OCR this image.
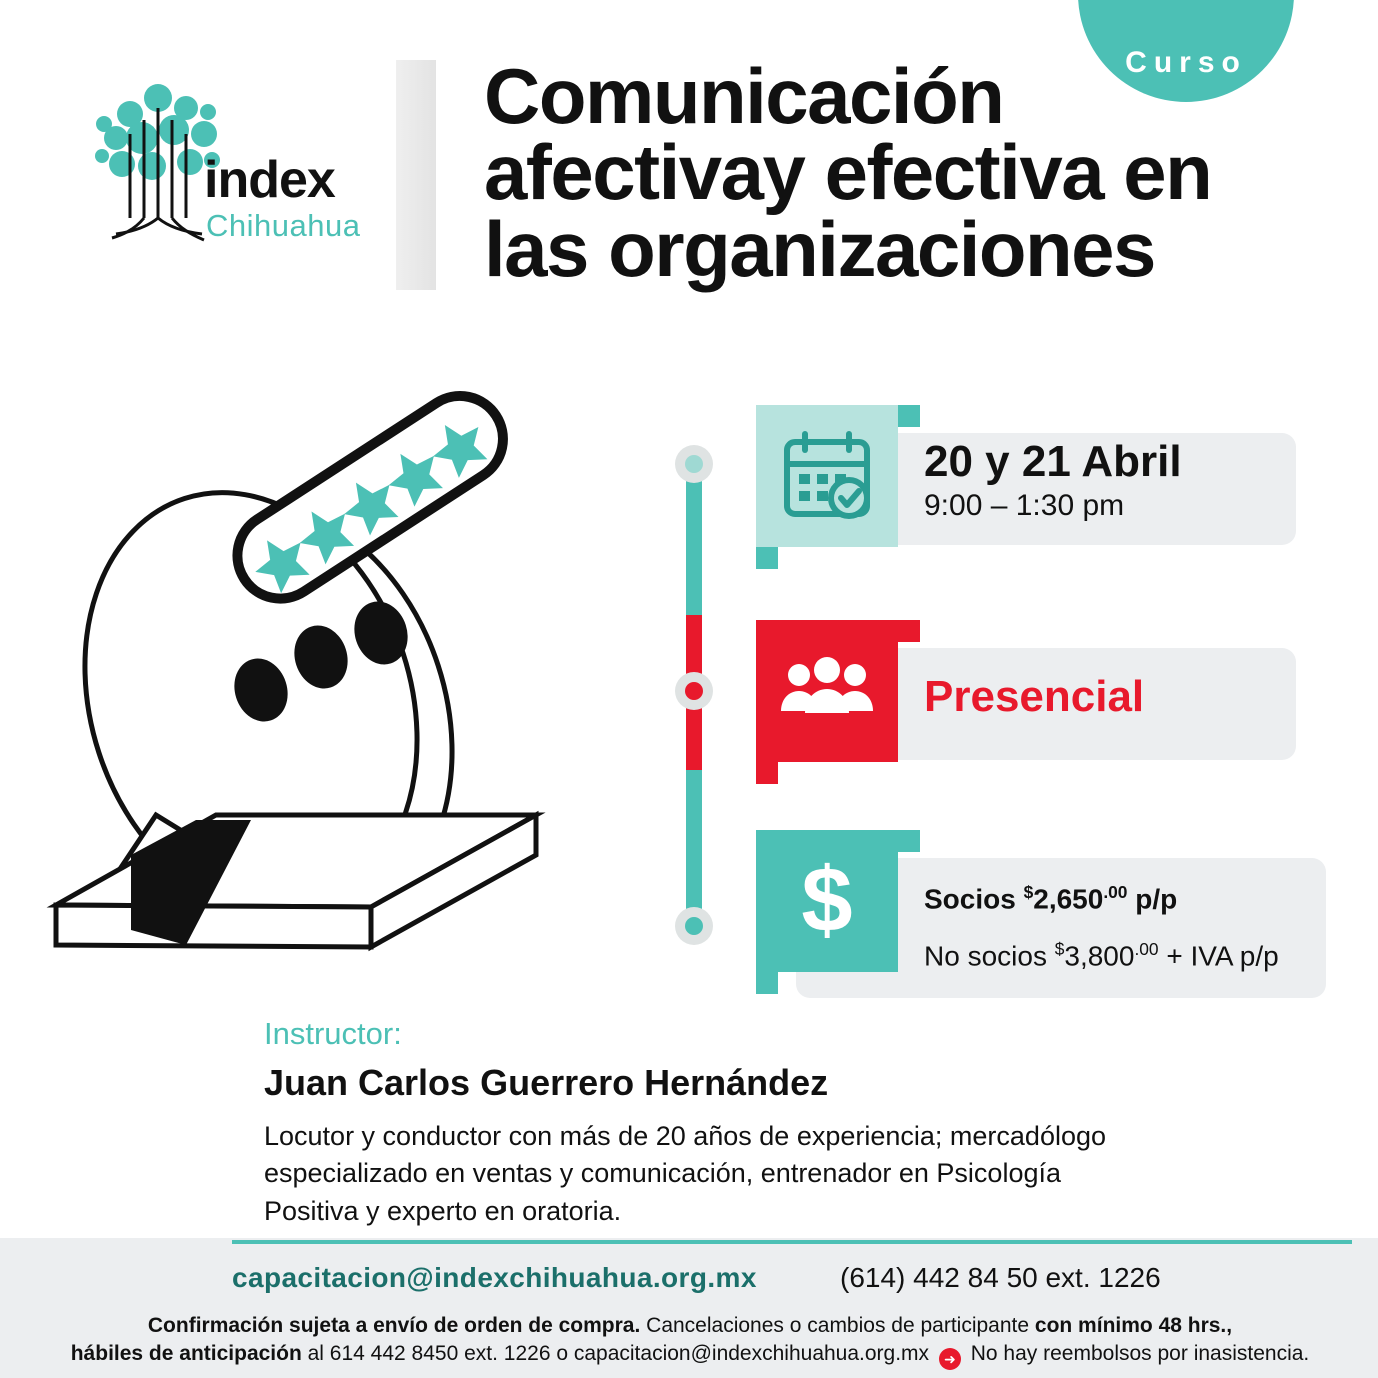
Curso
index
Chihuahua
Comunicación afectivay efectiva en las organizaciones
20 y 21 Abril
9:00 – 1:30 pm
Presencial
$	Socios $^{\$}2,650^{.00}$ p/p
No socios $^{\$}3,800^{.00}$ + IVA p/p
Instructor:
Juan Carlos Guerrero Hernández
Locutor y conductor con más de 20 años de experiencia; mercadólogo especializado en ventas y comunicación, entrenador en Psicología Positiva y experto en oratoria.
capacitacion@indexchihuahua.org.mx	(614) 442 84 50 ext. 1226
Confirmación sujeta a envío de orden de compra. Cancelaciones o cambios de participante con mínimo 48 hrs.,
hábiles de anticipación al 614 442 8450 ext. 1226 o capacitacion@indexchihuahua.org.mx ➜ No hay reembolsos por inasistencia.
